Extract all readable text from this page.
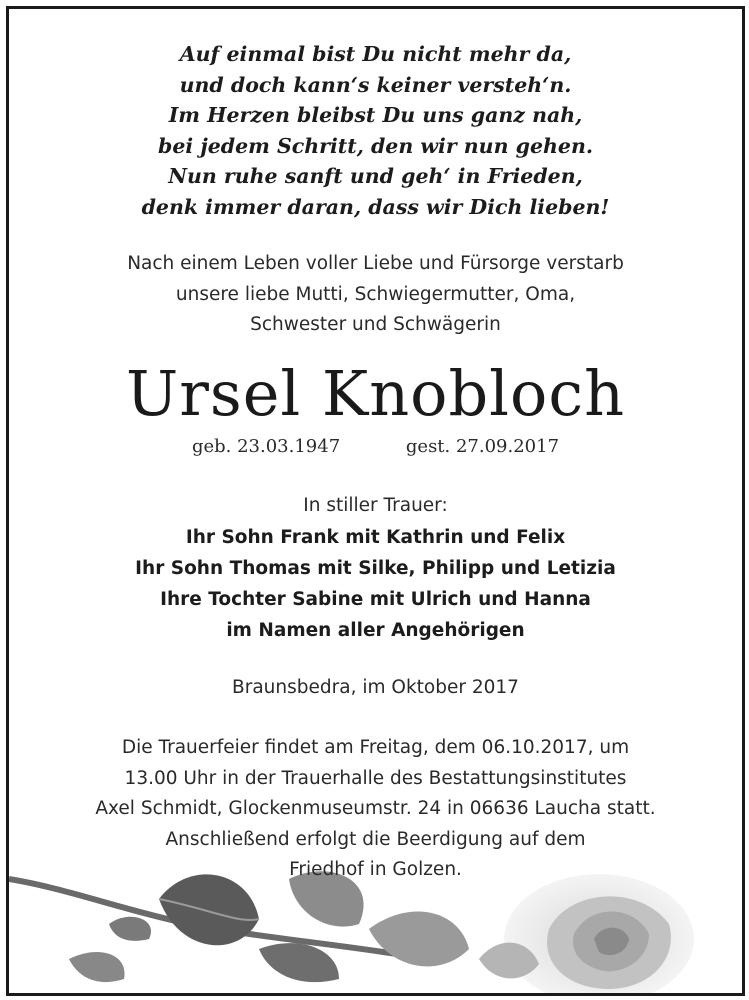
Auf einmal bist Du nicht mehr da,
und doch kann‘s keiner versteh‘n.
Im Herzen bleibst Du uns ganz nah,
bei jedem Schritt, den wir nun gehen.
Nun ruhe sanft und geh‘ in Frieden,
denk immer daran, dass wir Dich lieben!
Nach einem Leben voller Liebe und Fürsorge verstarb
unsere liebe Mutti, Schwiegermutter, Oma,
Schwester und Schwägerin
Ursel Knobloch
geb. 23.03.1947	gest. 27.09.2017
In stiller Trauer:
Ihr Sohn Frank mit Kathrin und Felix
Ihr Sohn Thomas mit Silke, Philipp und Letizia
Ihre Tochter Sabine mit Ulrich und Hanna
im Namen aller Angehörigen
Braunsbedra, im Oktober 2017
Die Trauerfeier findet am Freitag, dem 06.10.2017, um
13.00 Uhr in der Trauerhalle des Bestattungsinstitutes
Axel Schmidt, Glockenmuseumstr. 24 in 06636 Laucha statt.
Anschließend erfolgt die Beerdigung auf dem
Friedhof in Golzen.
